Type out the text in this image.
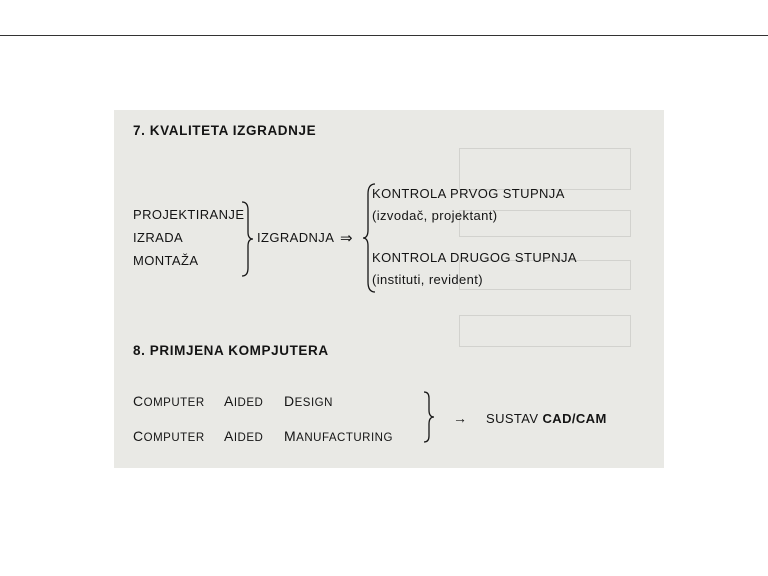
7. KVALITETA IZGRADNJE
PROJEKTIRANJE
IZRADA
MONTAŽA
IZGRADNJA ⇒
KONTROLA PRVOG STUPNJA
(izvodač, projektant)
KONTROLA DRUGOG STUPNJA
(instituti, revident)
8. PRIMJENA KOMPJUTERA
COMPUTER AIDED DESIGN
COMPUTER AIDED MANUFACTURING
→ SUSTAV CAD/CAM
